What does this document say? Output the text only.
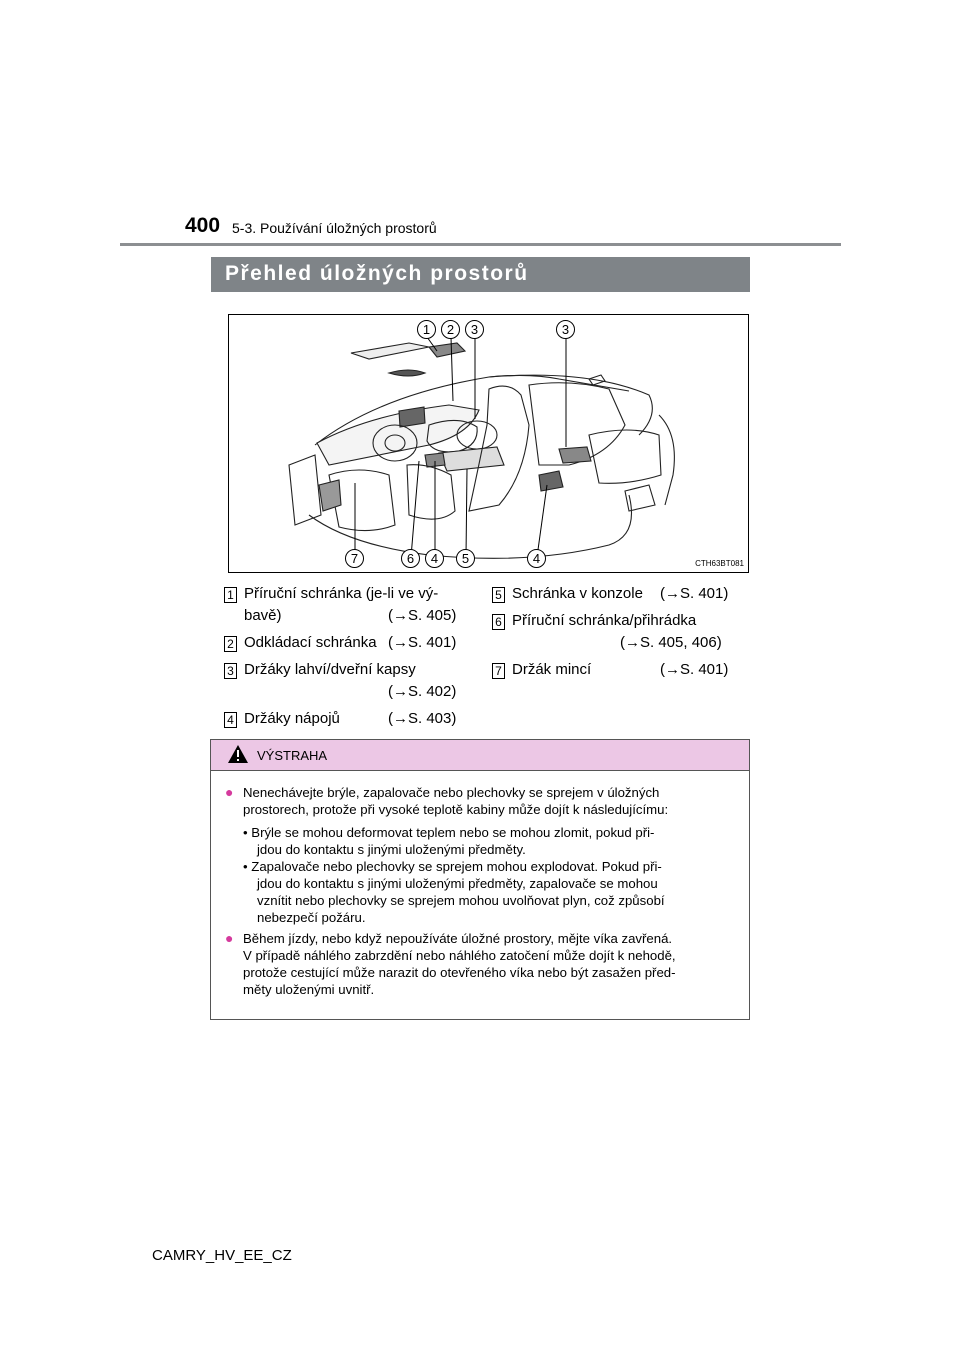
400 5-3. Používání úložných prostorů
Přehled úložných prostorů
1	2	3	3
7	6	4	5	4	CTH63BT081
1 Příruční schránka (je-li ve vý-
bavě)	(→S. 405)
2 Odkládací schránka (→S. 401)
3 Držáky lahví/dveřní kapsy
(→S. 402)
4 Držáky nápojů	(→S. 403)
5 Schránka v konzole (→S. 401)
6 Příruční schránka/přihrádka
(→S. 405, 406)
7 Držák mincí	(→S. 401)
VÝSTRAHA
● Nenechávejte brýle, zapalovače nebo plechovky se sprejem v úložných
prostorech, protože při vysoké teplotě kabiny může dojít k následujícímu:
• Brýle se mohou deformovat teplem nebo se mohou zlomit, pokud při-
jdou do kontaktu s jinými uloženými předměty.
• Zapalovače nebo plechovky se sprejem mohou explodovat. Pokud při-
jdou do kontaktu s jinými uloženými předměty, zapalovače se mohou
vznítit nebo plechovky se sprejem mohou uvolňovat plyn, což způsobí
nebezpečí požáru.
● Během jízdy, nebo když nepoužíváte úložné prostory, mějte víka zavřená.
V případě náhlého zabrzdění nebo náhlého zatočení může dojít k nehodě,
protože cestující může narazit do otevřeného víka nebo být zasažen před-
měty uloženými uvnitř.
CAMRY_HV_EE_CZ
